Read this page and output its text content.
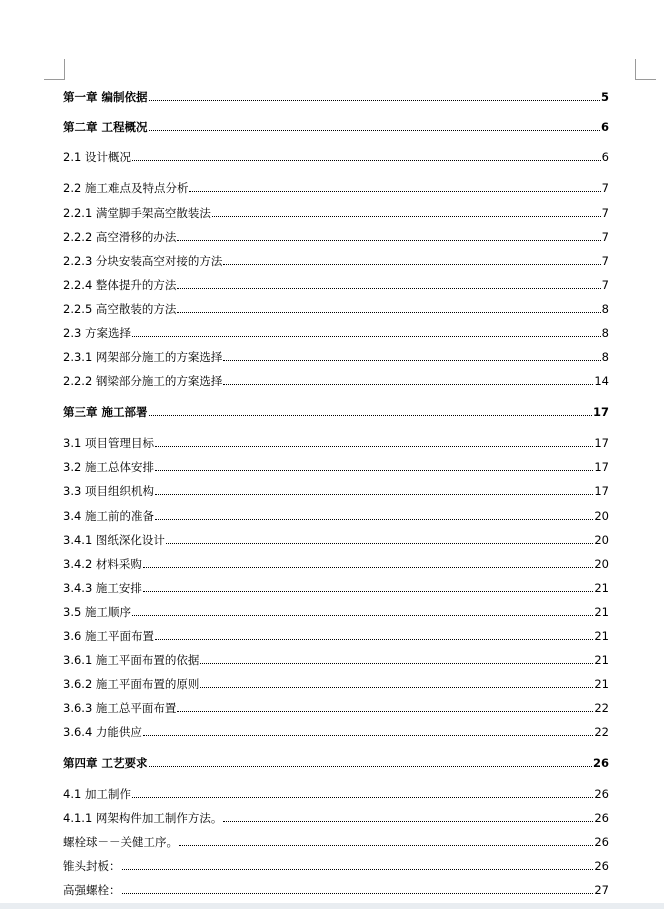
第一章 编制依据	5
第二章 工程概况	6
2.1 设计概况	6
2.2 施工难点及特点分析	7
2.2.1 满堂脚手架高空散装法	7
2.2.2 高空滑移的办法	7
2.2.3 分块安装高空对接的方法	7
2.2.4 整体提升的方法	7
2.2.5 高空散装的方法	8
2.3 方案选择	8
2.3.1 网架部分施工的方案选择	8
2.2.2 钢梁部分施工的方案选择	14
第三章 施工部署	17
3.1 项目管理目标	17
3.2 施工总体安排	17
3.3 项目组织机构	17
3.4 施工前的准备	20
3.4.1 图纸深化设计	20
3.4.2 材料采购	20
3.4.3 施工安排	21
3.5 施工顺序	21
3.6 施工平面布置	21
3.6.1 施工平面布置的依据	21
3.6.2 施工平面布置的原则	21
3.6.3 施工总平面布置	22
3.6.4 力能供应	22
第四章 工艺要求	26
4.1 加工制作	26
4.1.1 网架构件加工制作方法。	26
螺栓球－－关健工序。	26
锥头封板：	26
高强螺栓：	27
